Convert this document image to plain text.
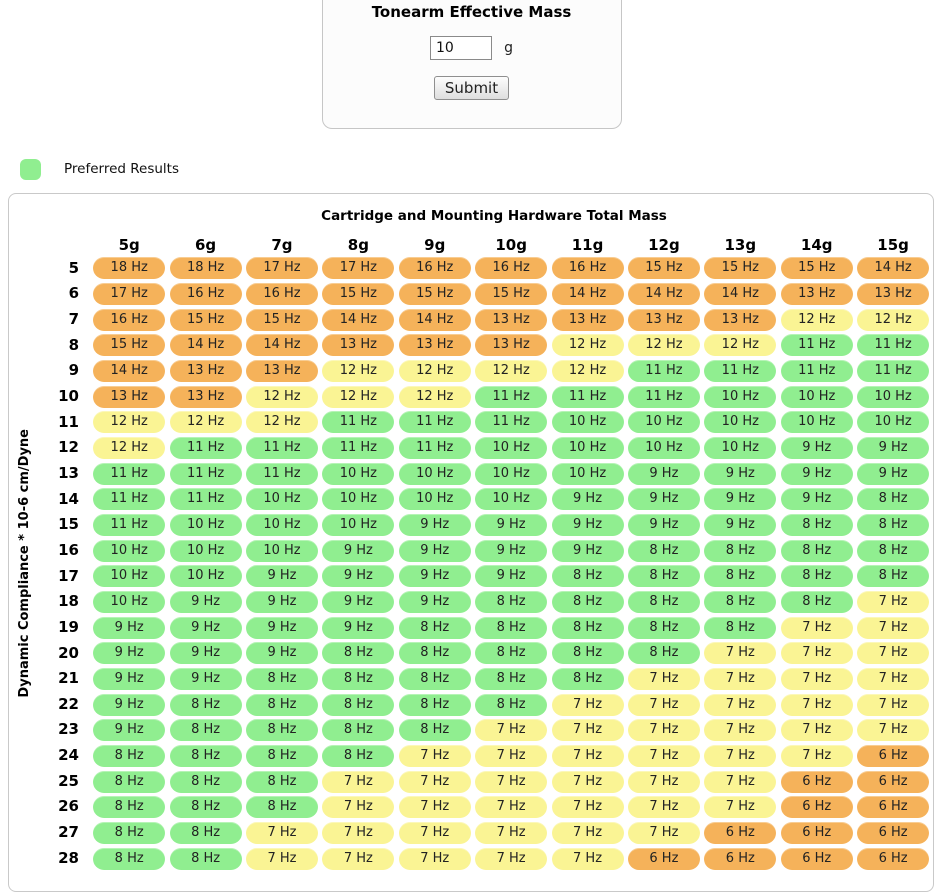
Tonearm Effective Mass
10 g
Submit
Preferred Results
Cartridge and Mounting Hardware Total Mass
Dynamic Compliance * 10-6 cm/Dyne
5g	6g	7g	8g	9g	10g	11g	12g	13g	14g	15g
5	18 Hz	18 Hz	17 Hz	17 Hz	16 Hz	16 Hz	16 Hz	15 Hz	15 Hz	15 Hz	14 Hz
6	17 Hz	16 Hz	16 Hz	15 Hz	15 Hz	15 Hz	14 Hz	14 Hz	14 Hz	13 Hz	13 Hz
7	16 Hz	15 Hz	15 Hz	14 Hz	14 Hz	13 Hz	13 Hz	13 Hz	13 Hz	12 Hz	12 Hz
8	15 Hz	14 Hz	14 Hz	13 Hz	13 Hz	13 Hz	12 Hz	12 Hz	12 Hz	11 Hz	11 Hz
9	14 Hz	13 Hz	13 Hz	12 Hz	12 Hz	12 Hz	12 Hz	11 Hz	11 Hz	11 Hz	11 Hz
10	13 Hz	13 Hz	12 Hz	12 Hz	12 Hz	11 Hz	11 Hz	11 Hz	10 Hz	10 Hz	10 Hz
11	12 Hz	12 Hz	12 Hz	11 Hz	11 Hz	11 Hz	10 Hz	10 Hz	10 Hz	10 Hz	10 Hz
12	12 Hz	11 Hz	11 Hz	11 Hz	11 Hz	10 Hz	10 Hz	10 Hz	10 Hz	9 Hz	9 Hz
13	11 Hz	11 Hz	11 Hz	10 Hz	10 Hz	10 Hz	10 Hz	9 Hz	9 Hz	9 Hz	9 Hz
14	11 Hz	11 Hz	10 Hz	10 Hz	10 Hz	10 Hz	9 Hz	9 Hz	9 Hz	9 Hz	8 Hz
15	11 Hz	10 Hz	10 Hz	10 Hz	9 Hz	9 Hz	9 Hz	9 Hz	9 Hz	8 Hz	8 Hz
16	10 Hz	10 Hz	10 Hz	9 Hz	9 Hz	9 Hz	9 Hz	8 Hz	8 Hz	8 Hz	8 Hz
17	10 Hz	10 Hz	9 Hz	9 Hz	9 Hz	9 Hz	8 Hz	8 Hz	8 Hz	8 Hz	8 Hz
18	10 Hz	9 Hz	9 Hz	9 Hz	9 Hz	8 Hz	8 Hz	8 Hz	8 Hz	8 Hz	7 Hz
19	9 Hz	9 Hz	9 Hz	9 Hz	8 Hz	8 Hz	8 Hz	8 Hz	8 Hz	7 Hz	7 Hz
20	9 Hz	9 Hz	9 Hz	8 Hz	8 Hz	8 Hz	8 Hz	8 Hz	7 Hz	7 Hz	7 Hz
21	9 Hz	9 Hz	8 Hz	8 Hz	8 Hz	8 Hz	8 Hz	7 Hz	7 Hz	7 Hz	7 Hz
22	9 Hz	8 Hz	8 Hz	8 Hz	8 Hz	8 Hz	7 Hz	7 Hz	7 Hz	7 Hz	7 Hz
23	9 Hz	8 Hz	8 Hz	8 Hz	8 Hz	7 Hz	7 Hz	7 Hz	7 Hz	7 Hz	7 Hz
24	8 Hz	8 Hz	8 Hz	8 Hz	7 Hz	7 Hz	7 Hz	7 Hz	7 Hz	7 Hz	6 Hz
25	8 Hz	8 Hz	8 Hz	7 Hz	7 Hz	7 Hz	7 Hz	7 Hz	7 Hz	6 Hz	6 Hz
26	8 Hz	8 Hz	8 Hz	7 Hz	7 Hz	7 Hz	7 Hz	7 Hz	7 Hz	6 Hz	6 Hz
27	8 Hz	8 Hz	7 Hz	7 Hz	7 Hz	7 Hz	7 Hz	7 Hz	6 Hz	6 Hz	6 Hz
28	8 Hz	8 Hz	7 Hz	7 Hz	7 Hz	7 Hz	7 Hz	6 Hz	6 Hz	6 Hz	6 Hz
